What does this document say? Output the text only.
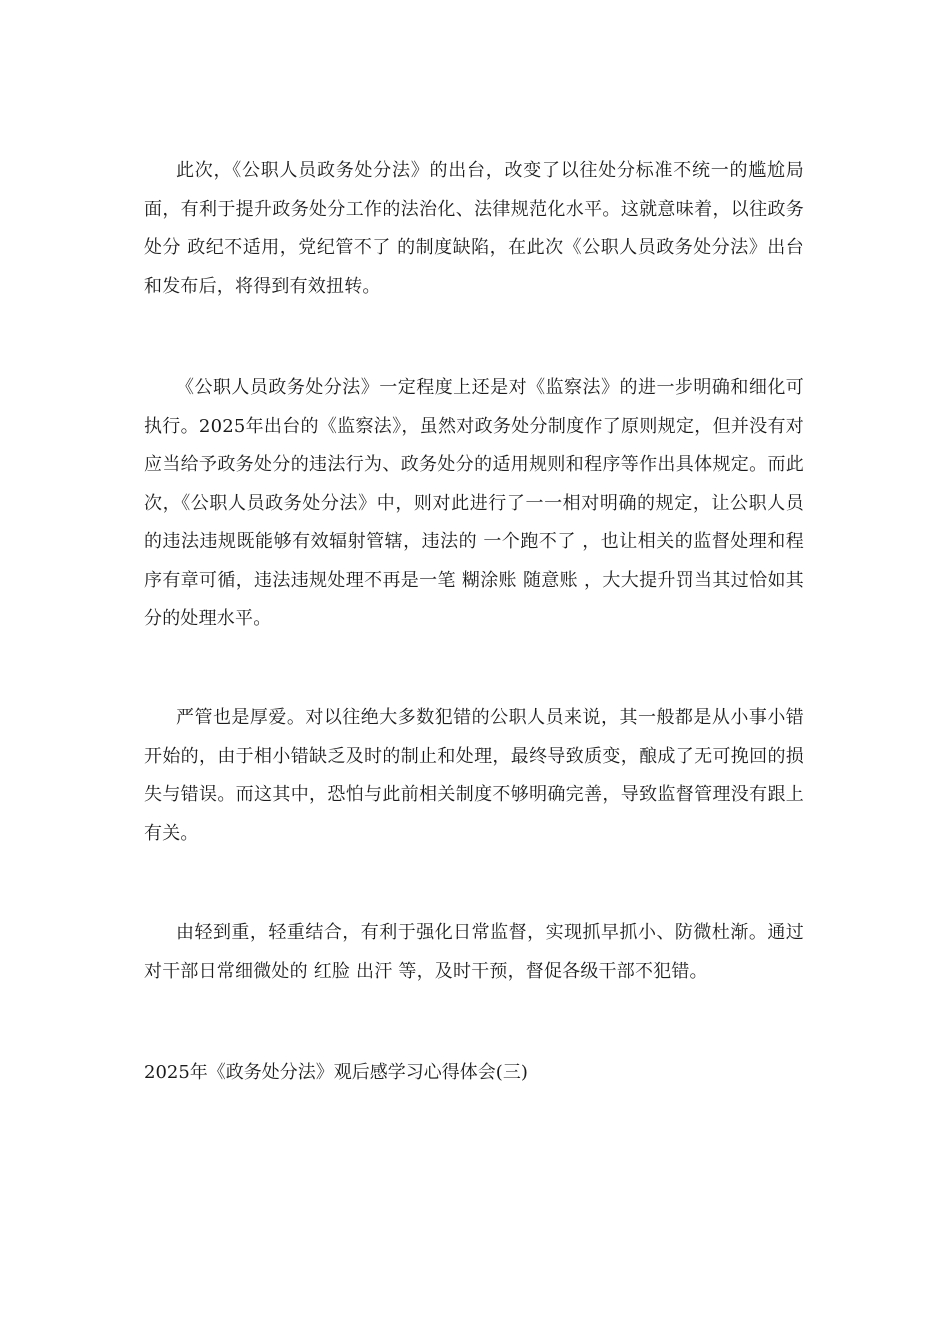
此次，《公职人员政务处分法》的出台，改变了以往处分标准不统一的尴尬局面，有利于提升政务处分工作的法治化、法律规范化水平。这就意味着，以往政务处分 政纪不适用，党纪管不了 的制度缺陷，在此次《公职人员政务处分法》出台和发布后，将得到有效扭转。

《公职人员政务处分法》一定程度上还是对《监察法》的进一步明确和细化可执行。2025年出台的《监察法》，虽然对政务处分制度作了原则规定，但并没有对应当给予政务处分的违法行为、政务处分的适用规则和程序等作出具体规定。而此次，《公职人员政务处分法》中，则对此进行了一一相对明确的规定，让公职人员的违法违规既能够有效辐射管辖，违法的 一个跑不了 ，也让相关的监督处理和程序有章可循，违法违规处理不再是一笔 糊涂账 随意账 ，大大提升罚当其过恰如其分的处理水平。

严管也是厚爱。对以往绝大多数犯错的公职人员来说，其一般都是从小事小错开始的，由于相小错缺乏及时的制止和处理，最终导致质变，酿成了无可挽回的损失与错误。而这其中，恐怕与此前相关制度不够明确完善，导致监督管理没有跟上有关。

由轻到重，轻重结合，有利于强化日常监督，实现抓早抓小、防微杜渐。通过对干部日常细微处的 红脸 出汗 等，及时干预，督促各级干部不犯错。

2025年《政务处分法》观后感学习心得体会(三)
